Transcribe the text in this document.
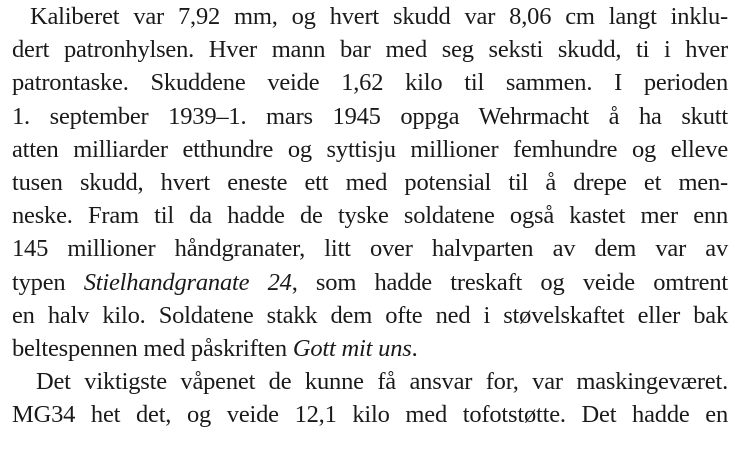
Kaliberet var 7,92 mm, og hvert skudd var 8,06 cm langt inklu-
dert patronhylsen. Hver mann bar med seg seksti skudd, ti i hver
patrontaske. Skuddene veide 1,62 kilo til sammen. I perioden
1. september 1939–1. mars 1945 oppga Wehrmacht å ha skutt
atten milliarder etthundre og syttisju millioner femhundre og elleve
tusen skudd, hvert eneste ett med potensial til å drepe et men-
neske. Fram til da hadde de tyske soldatene også kastet mer enn
145 millioner håndgranater, litt over halvparten av dem var av
typen Stielhandgranate 24, som hadde treskaft og veide omtrent
en halv kilo. Soldatene stakk dem ofte ned i støvelskaftet eller bak
beltespennen med påskriften Gott mit uns.
Det viktigste våpenet de kunne få ansvar for, var maskingeværet.
MG34 het det, og veide 12,1 kilo med tofotstøtte. Det hadde en
